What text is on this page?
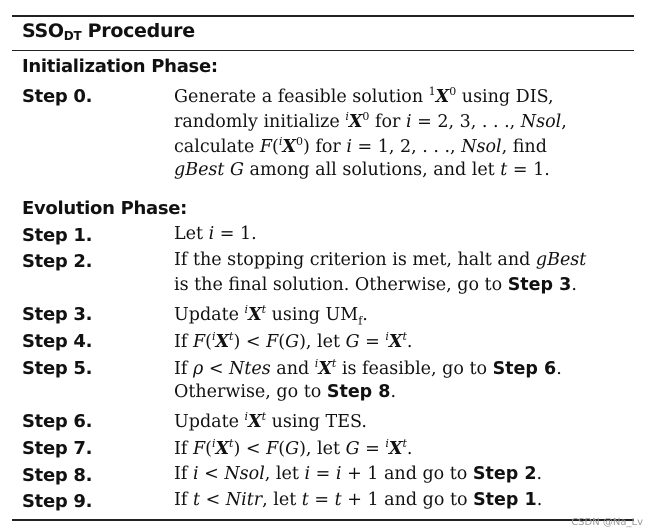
$SSO_{DT}$ Procedure
Initialization Phase:
Step 0.	Generate a feasible solution $^1X^0$ using DIS,
randomly initialize $^iX^0$ for i = 2, 3, . . ., Nsol,
calculate $F(^iX^0)$ for i = 1, 2, . . ., Nsol, find
gBest G among all solutions, and let t = 1.
Evolution Phase:
Step 1.	Let i = 1.
Step 2.	If the stopping criterion is met, halt and gBest
is the final solution. Otherwise, go to Step 3.
Step 3.	Update $^iX^t$ using $UM_f$.
Step 4.	If $F(^iX^t) < F(G)$, let $G = ^iX^t$.
Step 5.	If ρ < Ntes and $^iX^t$ is feasible, go to Step 6.
Otherwise, go to Step 8.
Step 6.	Update $^iX^t$ using TES.
Step 7.	If $F(^iX^t) < F(G)$, let $G = ^iX^t$.
Step 8.	If i < Nsol, let i = i + 1 and go to Step 2.
Step 9.	If t < Nitr, let t = t + 1 and go to Step 1.
CSDN @Na_Lv
